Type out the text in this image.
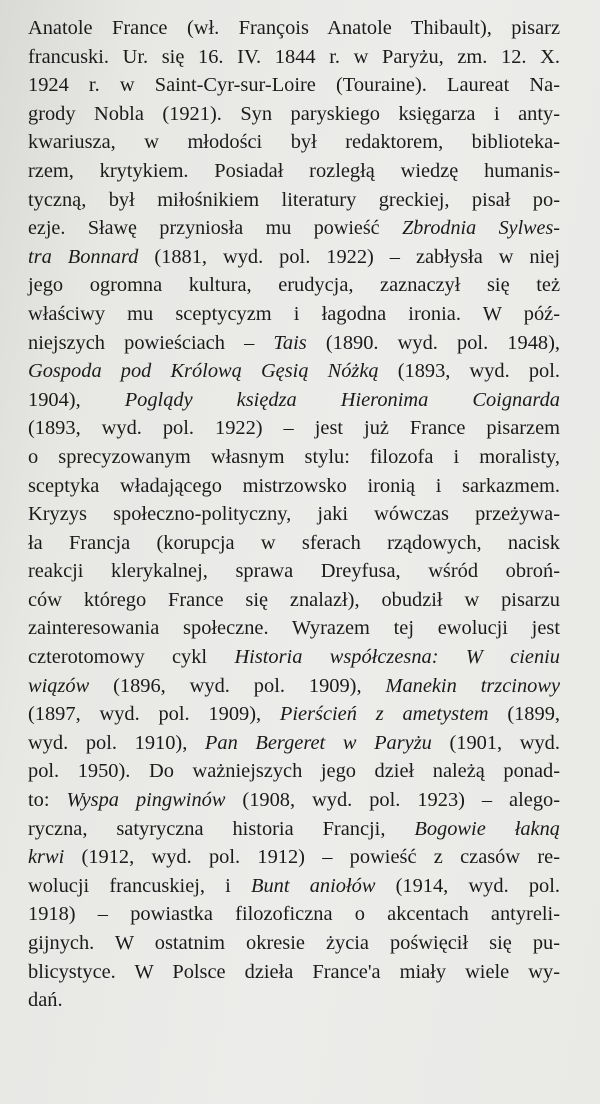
Anatole France (wł. François Anatole Thibault), pisarz
francuski. Ur. się 16. IV. 1844 r. w Paryżu, zm. 12. X.
1924 r. w Saint-Cyr-sur-Loire (Touraine). Laureat Na-
grody Nobla (1921). Syn paryskiego księgarza i anty-
kwariusza, w młodości był redaktorem, biblioteka-
rzem, krytykiem. Posiadał rozległą wiedzę humanis-
tyczną, był miłośnikiem literatury greckiej, pisał po-
ezje. Sławę przyniosła mu powieść Zbrodnia Sylwes-
tra Bonnard (1881, wyd. pol. 1922) – zabłysła w niej
jego ogromna kultura, erudycja, zaznaczył się też
właściwy mu sceptycyzm i łagodna ironia. W póź-
niejszych powieściach – Tais (1890. wyd. pol. 1948),
Gospoda pod Królową Gęsią Nóżką (1893, wyd. pol.
1904), Poglądy księdza Hieronima Coignarda
(1893, wyd. pol. 1922) – jest już France pisarzem
o sprecyzowanym własnym stylu: filozofa i moralisty,
sceptyka władającego mistrzowsko ironią i sarkazmem.
Kryzys społeczno-polityczny, jaki wówczas przeżywa-
ła Francja (korupcja w sferach rządowych, nacisk
reakcji klerykalnej, sprawa Dreyfusa, wśród obroń-
ców którego France się znalazł), obudził w pisarzu
zainteresowania społeczne. Wyrazem tej ewolucji jest
czterotomowy cykl Historia współczesna: W cieniu
wiązów (1896, wyd. pol. 1909), Manekin trzcinowy
(1897, wyd. pol. 1909), Pierścień z ametystem (1899,
wyd. pol. 1910), Pan Bergeret w Paryżu (1901, wyd.
pol. 1950). Do ważniejszych jego dzieł należą ponad-
to: Wyspa pingwinów (1908, wyd. pol. 1923) – alego-
ryczna, satyryczna historia Francji, Bogowie łakną
krwi (1912, wyd. pol. 1912) – powieść z czasów re-
wolucji francuskiej, i Bunt aniołów (1914, wyd. pol.
1918) – powiastka filozoficzna o akcentach antyreli-
gijnych. W ostatnim okresie życia poświęcił się pu-
blicystyce. W Polsce dzieła France'a miały wiele wy-
dań.
